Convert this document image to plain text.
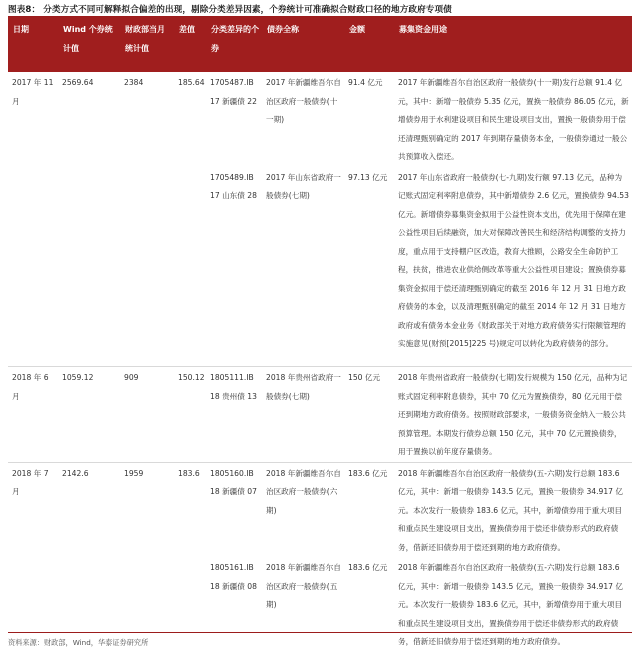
图表8： 分类方式不同可解释拟合偏差的出现，剔除分类差异因素，个券统计可准确拟合财政口径的地方政府专项债
日期	Wind 个券统计值	财政部当月统计值	差值	分类差异的个券	债券全称	金额	募集资金用途
2017 年 11 月	2569.64	2384	185.64	1705487.IB 17 新疆债 22	2017 年新疆维吾尔自治区政府一般债券(十一期)	91.4 亿元	2017 年新疆维吾尔自治区政府一般债券(十一期)发行总额 91.4 亿元，其中：新增一般债券 5.35 亿元，置换一般债券 86.05 亿元，新增债券用于水利建设项目和民生建设项目支出，置换一般债券用于偿还清理甄别确定的 2017 年到期存量债务本金，一般债券通过一般公共预算收入偿还。
				1705489.IB 17 山东债 28	2017 年山东省政府一般债券(七期)	97.13 亿元	2017 年山东省政府一般债券(七-九期)发行额 97.13 亿元，品种为记账式固定利率附息债券，其中新增债券 2.6 亿元，置换债券 94.53 亿元。新增债券募集资金拟用于公益性资本支出，优先用于保障在建公益性项目后续融资，加大对保障改善民生和经济结构调整的支持力度，重点用于支持棚户区改造，教育大推顾，公路安全生命防护工程，扶贫，推进农业供给侧改革等重大公益性项目建设；置换债券募集资金拟用于偿还清理甄别确定的截至 2016 年 12 月 31 日地方政府债务的本金，以及清理甄别确定的截至 2014 年 12 月 31 日地方政府或有债务本金业务《财政部关于对地方政府债务实行限额管理的实施意见(财预[2015]225 号)规定可以转化为政府债务的部分。
2018 年 6 月	1059.12	909	150.12	1805111.IB 18 贵州债 13	2018 年贵州省政府一般债券(七期)	150 亿元	2018 年贵州省政府一般债券(七期)发行规模为 150 亿元，品种为记账式固定利率附息债券，其中 70 亿元为置换债券，80 亿元用于偿还到期地方政府债务。按照财政部要求，一般债务资金纳入一般公共预算管理。本期发行债券总额 150 亿元，其中 70 亿元置换债券，用于置换以前年度存量债务。
2018 年 7 月	2142.6	1959	183.6	1805160.IB 18 新疆债 07	2018 年新疆维吾尔自治区政府一般债券(六期)	183.6 亿元	2018 年新疆维吾尔自治区政府一般债券(五-六期)发行总额 183.6 亿元，其中：新增一般债券 143.5 亿元，置换一般债券 34.917 亿元。本次发行一般债券 183.6 亿元，其中，新增债券用于重大项目和重点民生建设项目支出，置换债券用于偿还非债券形式的政府债务，借新还旧债券用于偿还到期的地方政府债券。
				1805161.IB 18 新疆债 08	2018 年新疆维吾尔自治区政府一般债券(五期)	183.6 亿元	2018 年新疆维吾尔自治区政府一般债券(五-六期)发行总额 183.6 亿元，其中：新增一般债券 143.5 亿元，置换一般债券 34.917 亿元。本次发行一般债券 183.6 亿元，其中，新增债券用于重大项目和重点民生建设项目支出，置换债券用于偿还非债券形式的政府债务，借新还旧债券用于偿还到期的地方政府债券。
资料来源：财政部，Wind，华泰证券研究所
